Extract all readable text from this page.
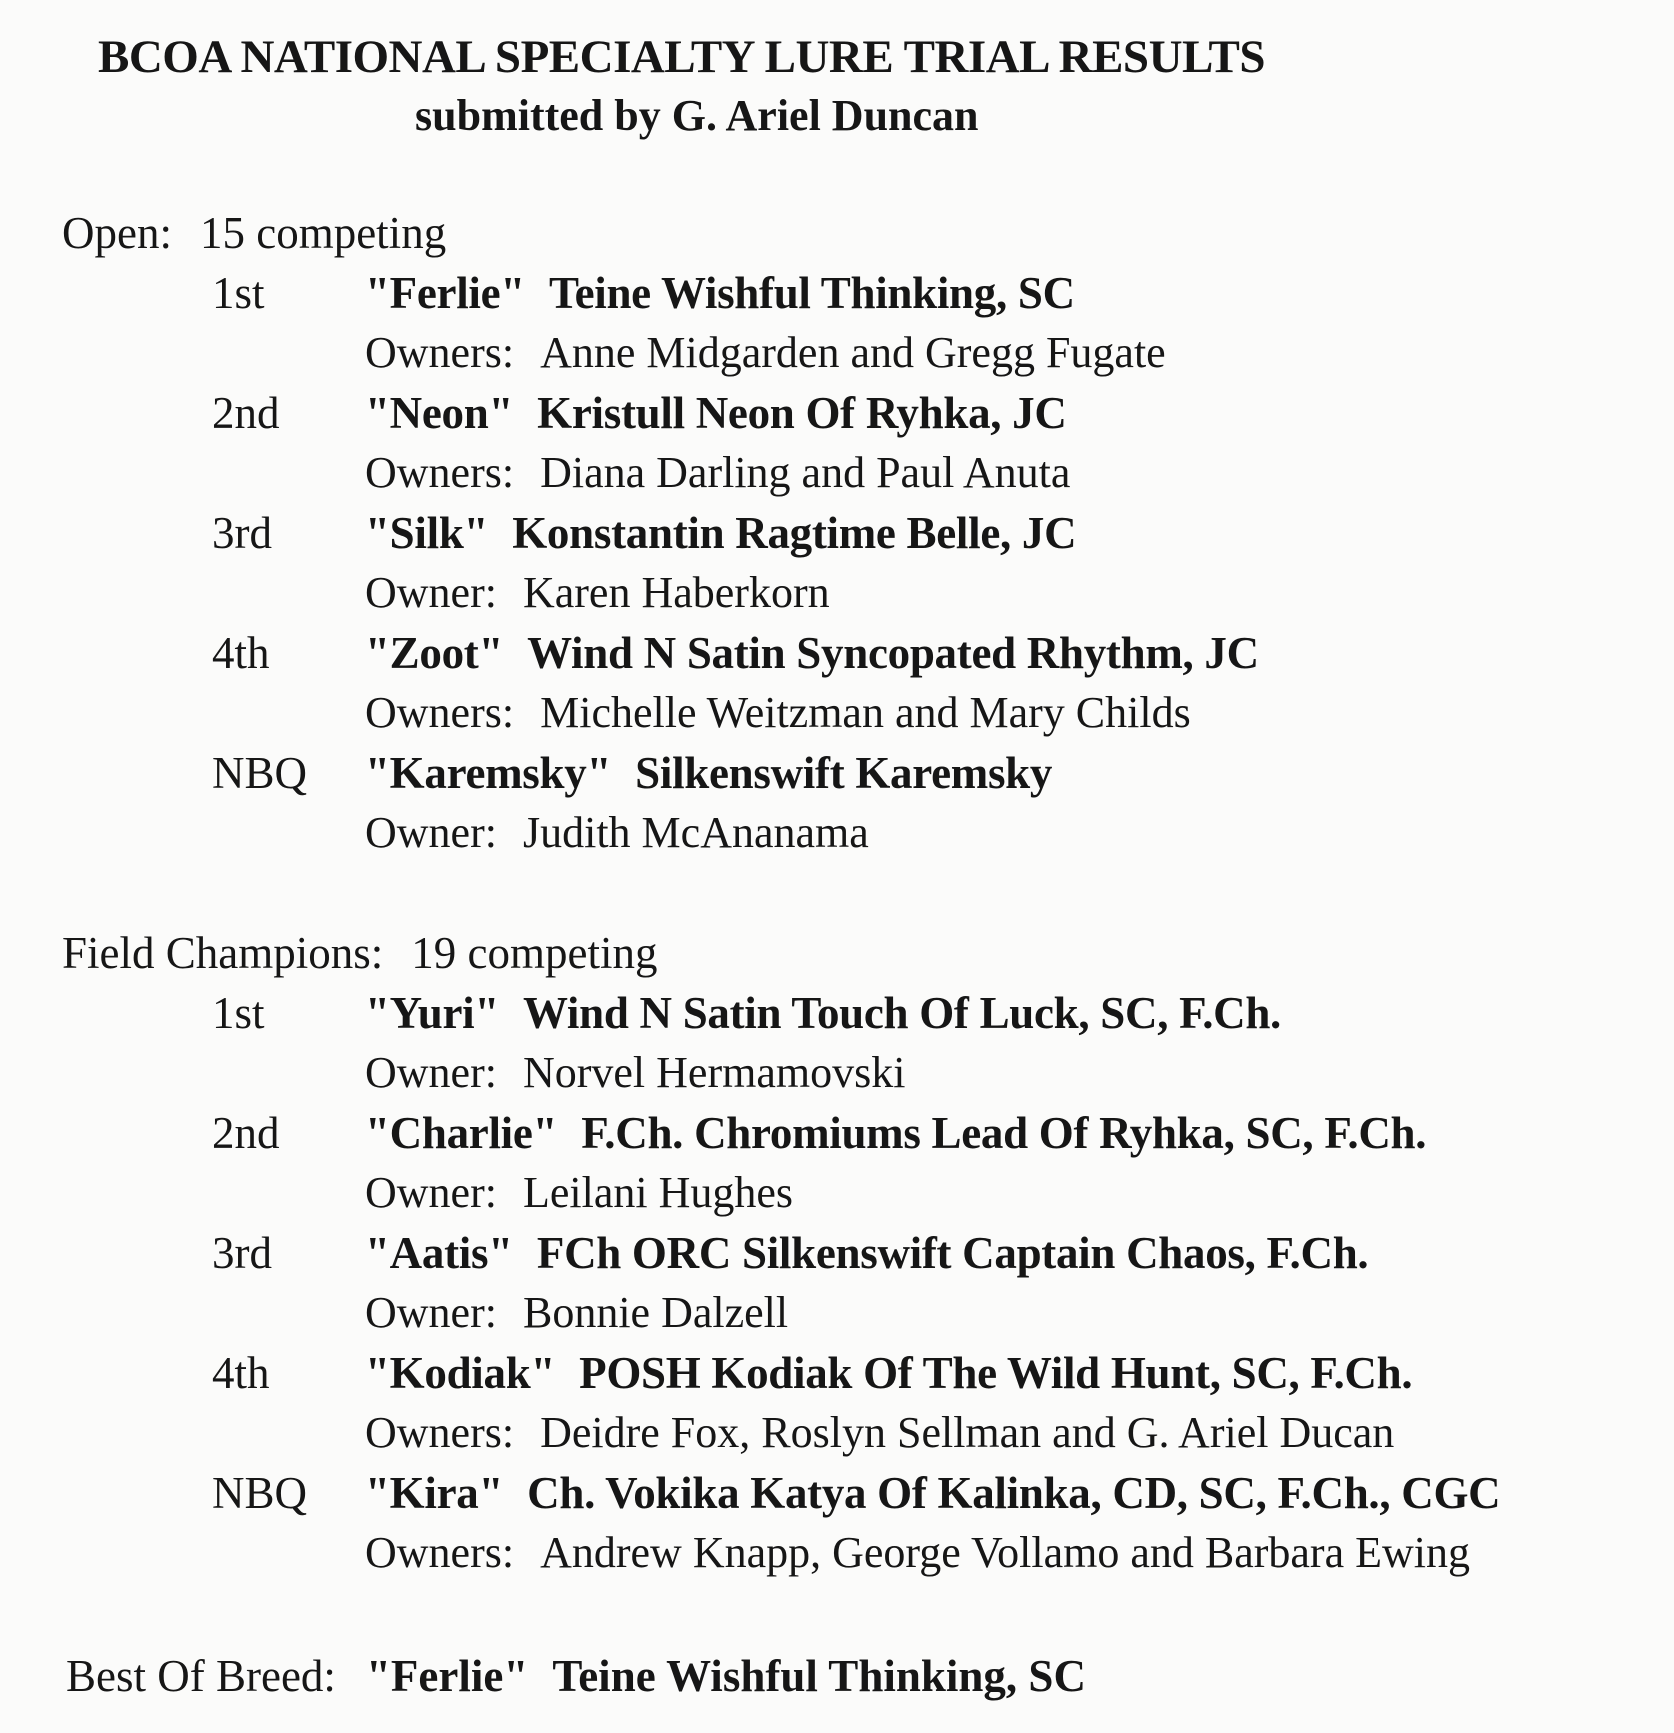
BCOA NATIONAL SPECIALTY LURE TRIAL RESULTS
submitted by G. Ariel Duncan
Open: 15 competing
1st "Ferlie" Teine Wishful Thinking, SC
Owners: Anne Midgarden and Gregg Fugate
2nd "Neon" Kristull Neon Of Ryhka, JC
Owners: Diana Darling and Paul Anuta
3rd "Silk" Konstantin Ragtime Belle, JC
Owner: Karen Haberkorn
4th "Zoot" Wind N Satin Syncopated Rhythm, JC
Owners: Michelle Weitzman and Mary Childs
NBQ "Karemsky" Silkenswift Karemsky
Owner: Judith McAnanama
Field Champions: 19 competing
1st "Yuri" Wind N Satin Touch Of Luck, SC, F.Ch.
Owner: Norvel Hermamovski
2nd "Charlie" F.Ch. Chromiums Lead Of Ryhka, SC, F.Ch.
Owner: Leilani Hughes
3rd "Aatis" FCh ORC Silkenswift Captain Chaos, F.Ch.
Owner: Bonnie Dalzell
4th "Kodiak" POSH Kodiak Of The Wild Hunt, SC, F.Ch.
Owners: Deidre Fox, Roslyn Sellman and G. Ariel Ducan
NBQ "Kira" Ch. Vokika Katya Of Kalinka, CD, SC, F.Ch., CGC
Owners: Andrew Knapp, George Vollamo and Barbara Ewing
Best Of Breed: "Ferlie" Teine Wishful Thinking, SC
